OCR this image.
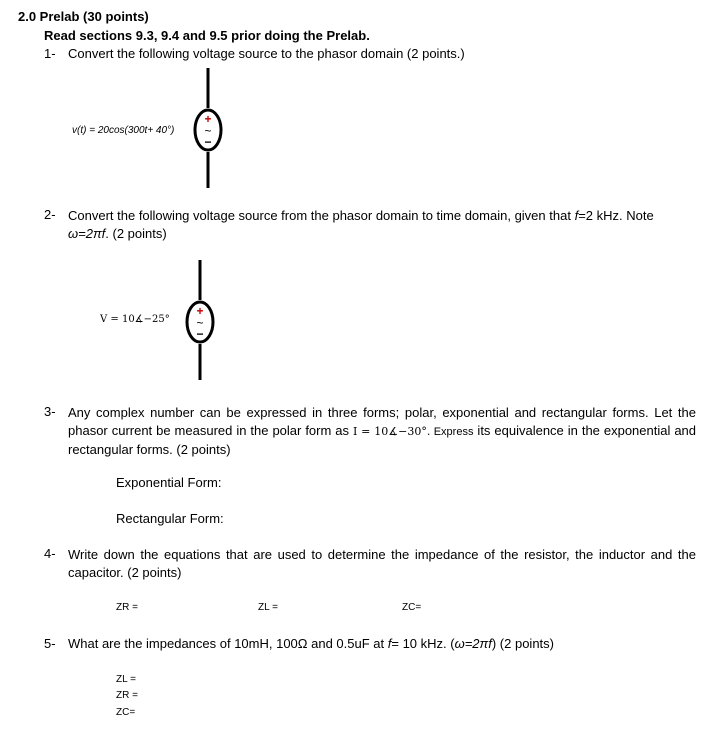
2.0 Prelab (30 points)
Read sections 9.3, 9.4 and 9.5 prior doing the Prelab.
1- Convert the following voltage source to the phasor domain (2 points.)
v(t) = 20cos(300t+ 40°)
+
~
−
2- Convert the following voltage source from the phasor domain to time domain, given that f=2 kHz. Note
ω=2πf. (2 points)
V = 10∡−25°
+
~
−
3- Any complex number can be expressed in three forms; polar, exponential and rectangular forms. Let the phasor current be measured in the polar form as I = 10∡−30°. Express its equivalence in the exponential and rectangular forms. (2 points)
Exponential Form:
Rectangular Form:
4- Write down the equations that are used to determine the impedance of the resistor, the inductor and the capacitor. (2 points)
ZR =	ZL =	ZC=
5- What are the impedances of 10mH, 100Ω and 0.5uF at f= 10 kHz. (ω=2πf) (2 points)
ZL =
ZR =
ZC=
